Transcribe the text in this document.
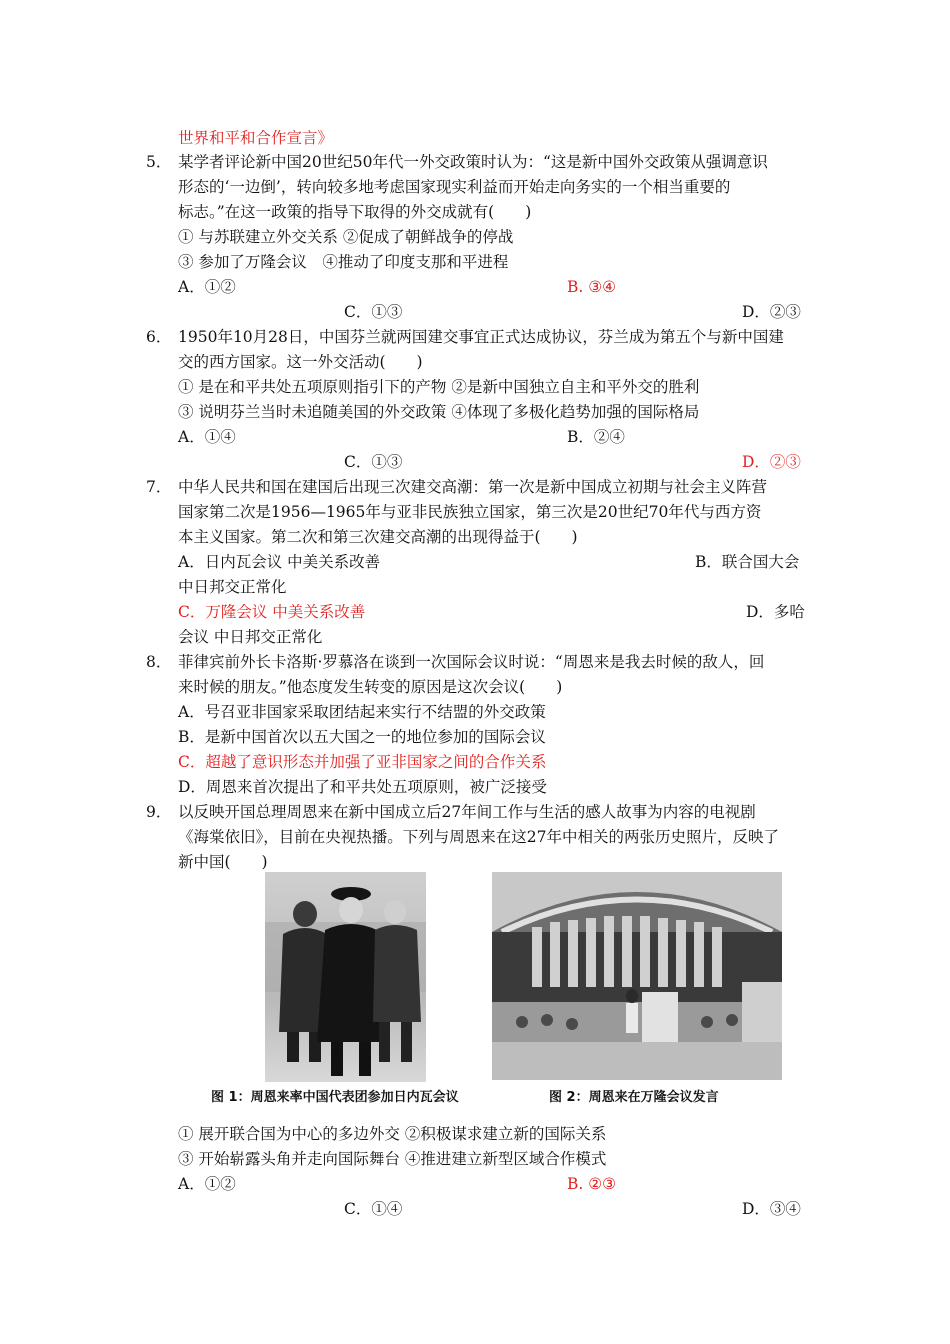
世界和平和合作宣言》
5． 某学者评论新中国20世纪50年代一外交政策时认为：“这是新中国外交政策从强调意识
形态的‘一边倒’，转向较多地考虑国家现实利益而开始走向务实的一个相当重要的
标志。”在这一政策的指导下取得的外交成就有(　　)
① 与苏联建立外交关系 ②促成了朝鲜战争的停战
③ 参加了万隆会议　④推动了印度支那和平进程
A．①②	B. ③④
C．①③	D．②③
6． 1950年10月28日，中国芬兰就两国建交事宜正式达成协议，芬兰成为第五个与新中国建
交的西方国家。这一外交活动(　　)
① 是在和平共处五项原则指引下的产物 ②是新中国独立自主和平外交的胜利
③ 说明芬兰当时未追随美国的外交政策 ④体现了多极化趋势加强的国际格局
A．①④	B．②④
C．①③	D．②③
7． 中华人民共和国在建国后出现三次建交高潮：第一次是新中国成立初期与社会主义阵营
国家第二次是1956—1965年与亚非民族独立国家，第三次是20世纪70年代与西方资
本主义国家。第二次和第三次建交高潮的出现得益于(　　)
A．日内瓦会议 中美关系改善	B．联合国大会
中日邦交正常化
C．万隆会议 中美关系改善	D．多哈
会议 中日邦交正常化
8． 菲律宾前外长卡洛斯·罗慕洛在谈到一次国际会议时说：“周恩来是我去时候的敌人，回
来时候的朋友。”他态度发生转变的原因是这次会议(　　)
A．号召亚非国家采取团结起来实行不结盟的外交政策
B．是新中国首次以五大国之一的地位参加的国际会议
C．超越了意识形态并加强了亚非国家之间的合作关系
D．周恩来首次提出了和平共处五项原则，被广泛接受
9． 以反映开国总理周恩来在新中国成立后27年间工作与生活的感人故事为内容的电视剧
《海棠依旧》，目前在央视热播。下列与周恩来在这27年中相关的两张历史照片，反映了
新中国(　　)
图 1：周恩来率中国代表团参加日内瓦会议	图 2：周恩来在万隆会议发言
① 展开联合国为中心的多边外交 ②积极谋求建立新的国际关系
③ 开始崭露头角并走向国际舞台 ④推进建立新型区域合作模式
A．①②	B. ②③
C．①④	D．③④
